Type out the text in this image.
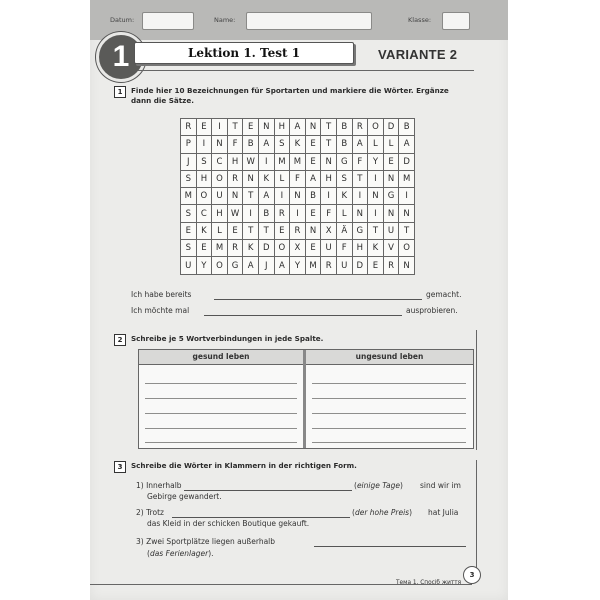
Datum:	Name:	Klasse:
1	Lektion 1. Test 1	VARIANTE 2
1	Finde hier 10 Bezeichnungen für Sportarten und markiere die Wörter. Ergänze
dann die Sätze.
R	E	I	T	E	N	H	A	N	T	B	R	O	D	B
P	I	N	F	B	A	S	K	E	T	B	A	L	L	A
J	S	C	H	W	I	M	M	E	N	G	F	Y	E	D
S	H	O	R	N	K	L	F	A	H	S	T	I	N	M
M	O	U	N	T	A	I	N	B	I	K	I	N	G	I
S	C	H	W	I	B	R	I	E	F	L	N	I	N	N
E	K	L	E	T	T	E	R	N	X	Ä	G	T	U	T
S	E	M	R	K	D	O	X	E	U	F	H	K	V	O
U	Y	O	G	A	J	A	Y	M	R	U	D	E	R	N
Ich habe bereits	gemacht.
Ich möchte mal	ausprobieren.
2	Schreibe je 5 Wortverbindungen in jede Spalte.
gesund leben	ungesund leben
3	Schreibe die Wörter in Klammern in der richtigen Form.
1) Innerhalb	(einige Tage) sind wir im
Gebirge gewandert.
2) Trotz	(der hohe Preis) hat Julia
das Kleid in der schicken Boutique gekauft.
3) Zwei Sportplätze liegen außerhalb
(das Ferienlager).
3
Тема 1. Спосіб життя
